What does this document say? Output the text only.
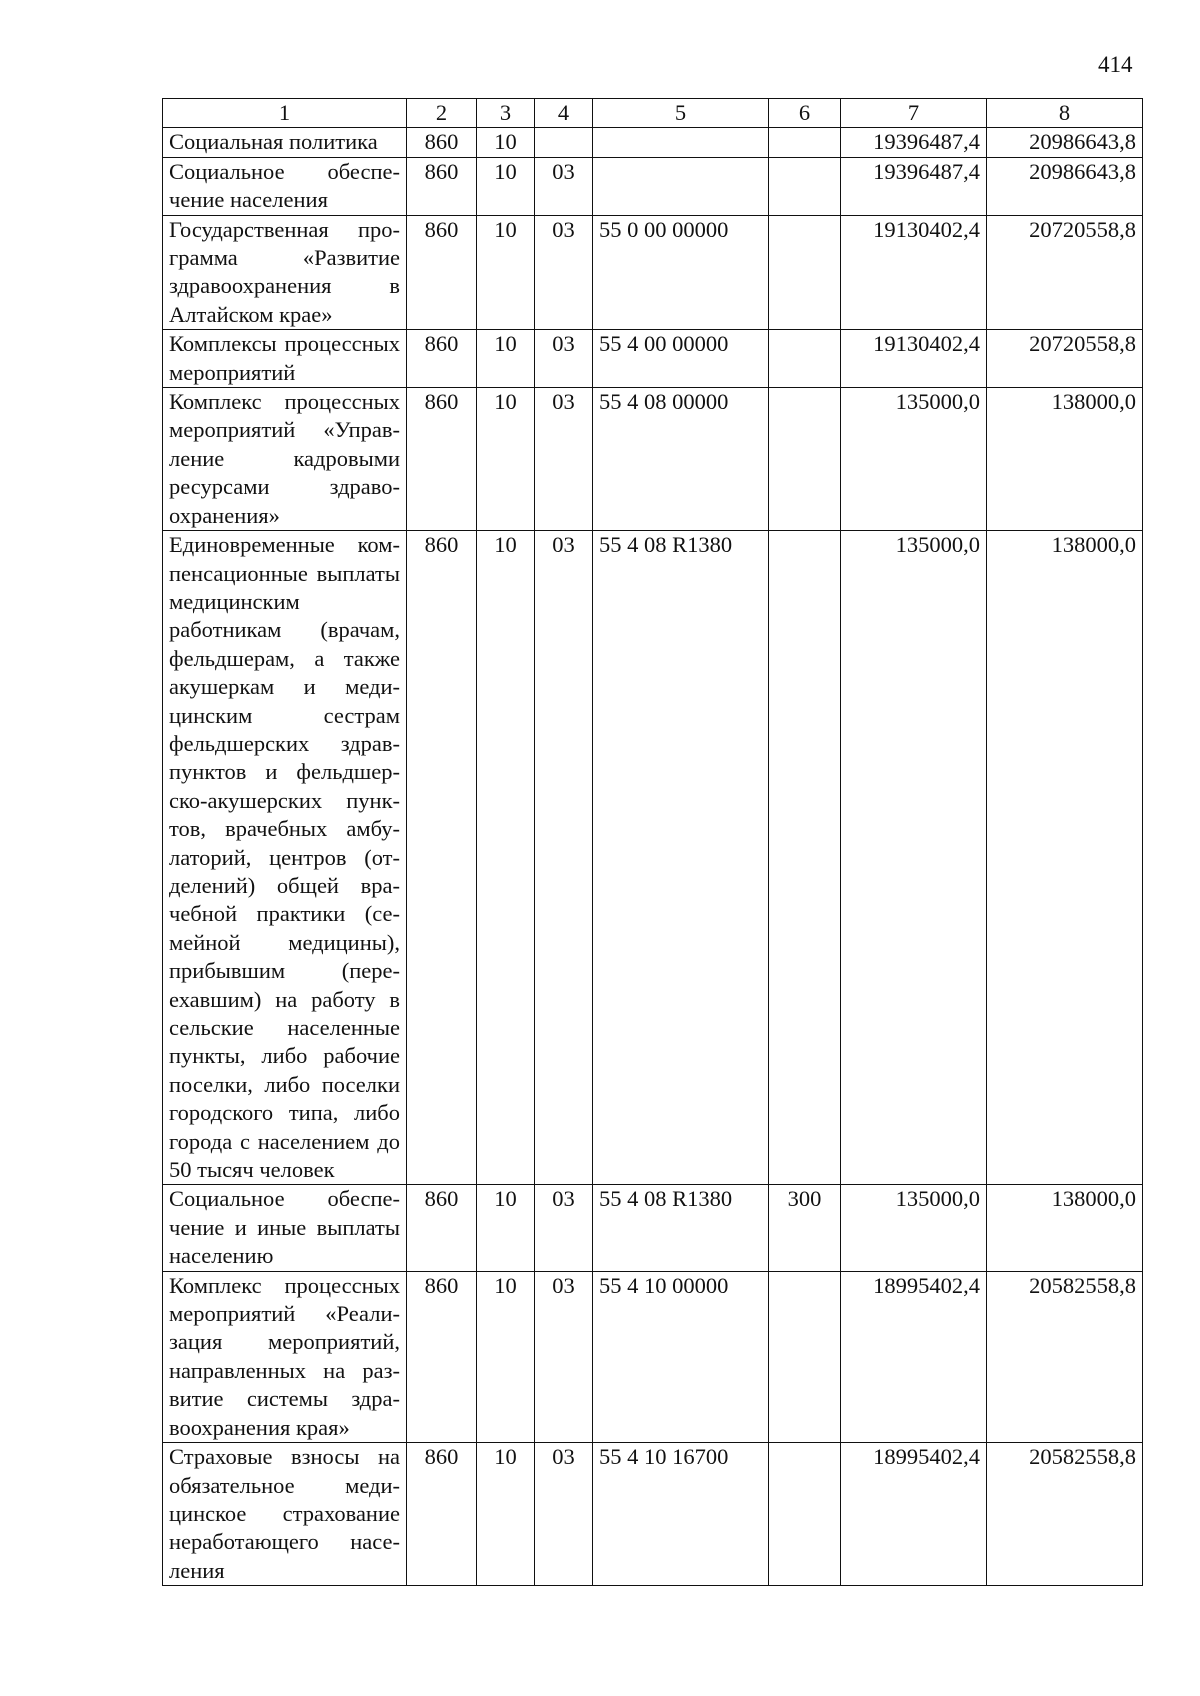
414
1	2	3	4	5	6	7	8
Социальная политика	860	10				19396487,4	20986643,8
Социальное обеспечение населения	860	10	03			19396487,4	20986643,8
Государственная программа «Развитие здравоохранения в Алтайском крае»	860	10	03	55 0 00 00000		19130402,4	20720558,8
Комплексы процессных мероприятий	860	10	03	55 4 00 00000		19130402,4	20720558,8
Комплекс процессных мероприятий «Управление кадровыми ресурсами здравоохранения»	860	10	03	55 4 08 00000		135000,0	138000,0
Единовременные компенсационные выплаты медицинским работникам (врачам, фельдшерам, а также акушеркам и медицинским сестрам фельдшерских здравпунктов и фельдшерско-акушерских пунктов, врачебных амбулаторий, центров (отделений) общей врачебной практики (семейной медицины), прибывшим (переехавшим) на работу в сельские населенные пункты, либо рабочие поселки, либо поселки городского типа, либо города с населением до 50 тысяч человек	860	10	03	55 4 08 R1380		135000,0	138000,0
Социальное обеспечение и иные выплаты населению	860	10	03	55 4 08 R1380	300	135000,0	138000,0
Комплекс процессных мероприятий «Реализация мероприятий, направленных на развитие системы здравоохранения края»	860	10	03	55 4 10 00000		18995402,4	20582558,8
Страховые взносы на обязательное медицинское страхование неработающего населения	860	10	03	55 4 10 16700		18995402,4	20582558,8
